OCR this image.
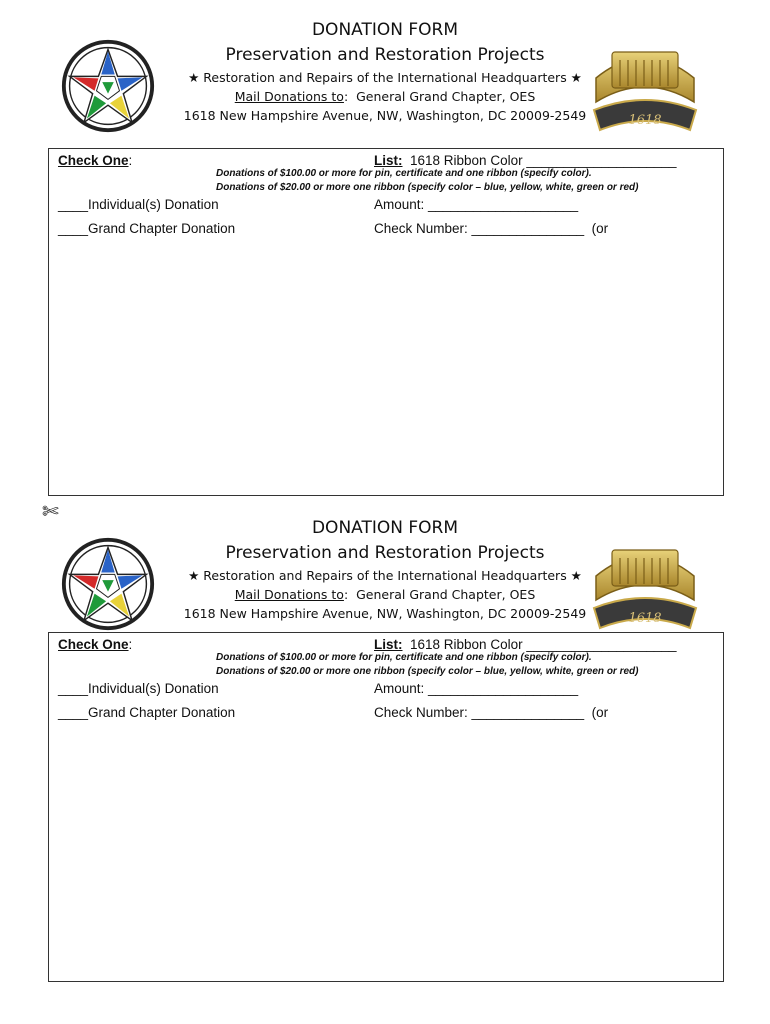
DONATION FORM
Preservation and Restoration Projects
★ Restoration and Repairs of the International Headquarters ★
Mail Donations to:  General Grand Chapter, OES
1618 New Hampshire Avenue, NW, Washington, DC 20009-2549	1618
Check One:	List:  1618 Ribbon Color ____________________
Donations of $100.00 or more for pin, certificate and one ribbon (specify color).
Donations of $20.00 or more one ribbon (specify color – blue, yellow, white, green or red)
____Individual(s) Donation	Amount: ____________________
____Grand Chapter Donation	Check Number: _______________  (or
✄
DONATION FORM
Preservation and Restoration Projects
★ Restoration and Repairs of the International Headquarters ★
Mail Donations to:  General Grand Chapter, OES
1618 New Hampshire Avenue, NW, Washington, DC 20009-2549	1618
Check One:	List:  1618 Ribbon Color ____________________
Donations of $100.00 or more for pin, certificate and one ribbon (specify color).
Donations of $20.00 or more one ribbon (specify color – blue, yellow, white, green or red)
____Individual(s) Donation	Amount: ____________________
____Grand Chapter Donation	Check Number: _______________  (or
